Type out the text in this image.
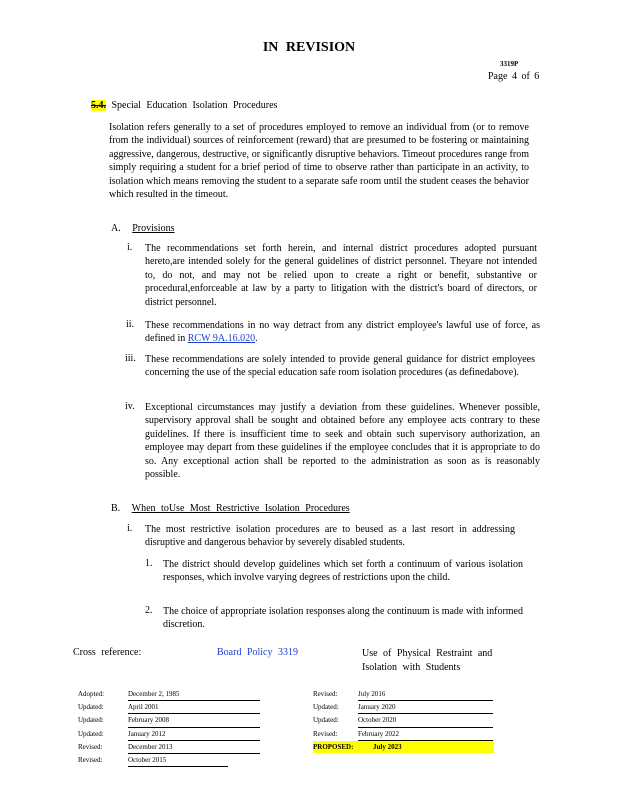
IN REVISION
3319P
Page 4 of 6
5.4. Special Education Isolation Procedures
Isolation refers generally to a set of procedures employed to remove an individual from (or to remove from the individual) sources of reinforcement (reward) that are presumed to be fostering or maintaining aggressive, dangerous, destructive, or significantly disruptive behaviors. Timeout procedures range from simply requiring a student for a brief period of time to observe rather than participate in an activity, to isolation which means removing the student to a separate safe room until the student ceases the behavior which resulted in the timeout.
A. Provisions
i. The recommendations set forth herein, and internal district procedures adopted pursuant hereto,are intended solely for the general guidelines of district personnel. Theyare not intended to, do not, and may not be relied upon to create a right or benefit, substantive or procedural,enforceable at law by a party to litigation with the district's board of directors, or district personnel.
ii. These recommendations in no way detract from any district employee's lawful use of force, as defined in RCW 9A.16.020.
iii. These recommendations are solely intended to provide general guidance for district employees concerning the use of the special education safe room isolation procedures (as definedabove).
iv. Exceptional circumstances may justify a deviation from these guidelines. Whenever possible, supervisory approval shall be sought and obtained before any employee acts contrary to these guidelines. If there is insufficient time to seek and obtain such supervisory authorization, an employee may depart from these guidelines if the employee concludes that it is appropriate to do so. Any exceptional action shall be reported to the administration as soon as is reasonably possible.
B. When toUse Most Restrictive Isolation Procedures
i. The most restrictive isolation procedures are to beused as a last resort in addressing disruptive and dangerous behavior by severely disabled students.
1. The district should develop guidelines which set forth a continuum of various isolation responses, which involve varying degrees of restrictions upon the child.
2. The choice of appropriate isolation responses along the continuum is made with informed discretion.
Cross reference:	Board Policy 3319	Use of Physical Restraint and Isolation with Students
Adopted:	December 2, 1985
Updated:	April 2001
Updated:	February 2008
Updated:	January 2012
Revised:	December 2013
Revised:	October 2015
Revised:	July 2016
Updated:	January 2020
Updated:	October 2020
Revised:	February 2022
PROPOSED:	July 2023
